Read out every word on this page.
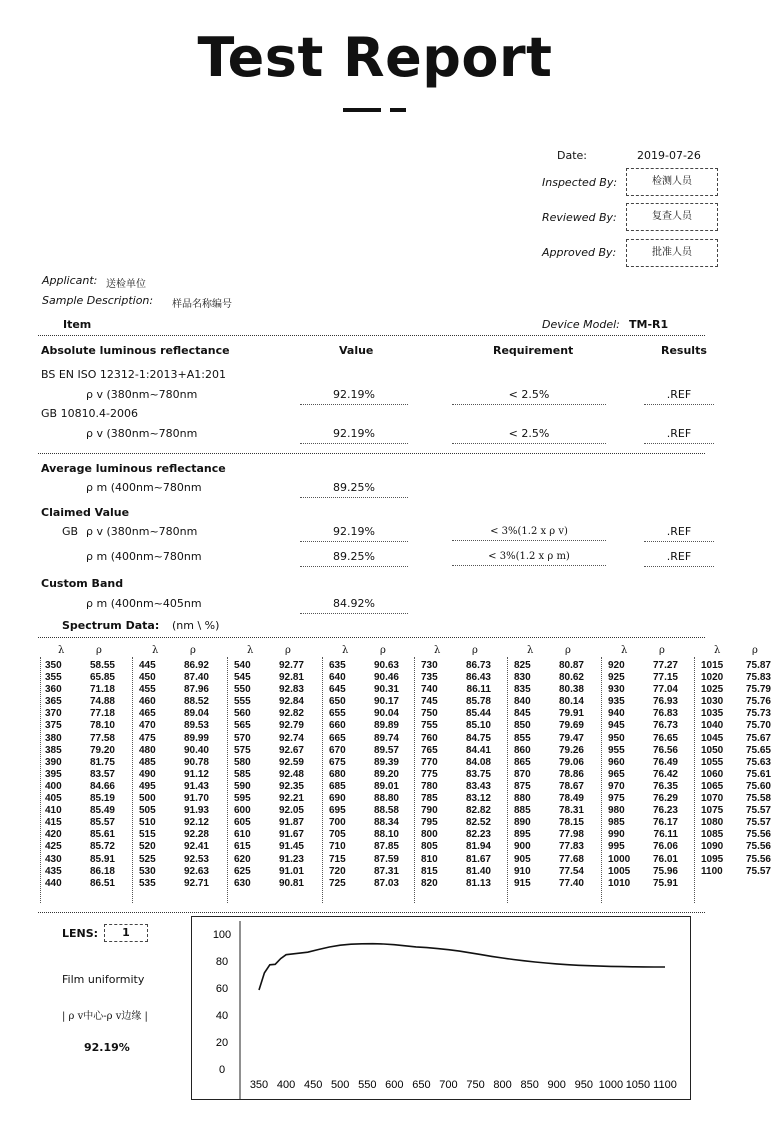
Test Report
Date:	2019-07-26
Inspected By:	检测人员
Reviewed By:	复查人员
Approved By:	批准人员
Applicant: 送检单位
Sample Description: 样品名称编号
Item	Device Model: TM-R1
Absolute luminous reflectance	Value	Requirement	Results
BS EN ISO 12312-1:2013+A1:201
ρ v (380nm~780nm	92.19%	< 2.5%	.REF
GB 10810.4-2006
ρ v (380nm~780nm	92.19%	< 2.5%	.REF
Average luminous reflectance
ρ m (400nm~780nm	89.25%
Claimed Value
GB ρ v (380nm~780nm	92.19%	< 3%(1.2 x ρ v)	.REF
ρ m (400nm~780nm	89.25%	< 3%(1.2 x ρ m)	.REF
Custom Band
ρ m (400nm~405nm	84.92%
Spectrum Data: (nm \ %)
λ	ρ
350	58.55
355	65.85
360	71.18
365	74.88
370	77.18
375	78.10
380	77.58
385	79.20
390	81.75
395	83.57
400	84.66
405	85.19
410	85.49
415	85.57
420	85.61
425	85.72
430	85.91
435	86.18
440	86.51
λ	ρ
445	86.92
450	87.40
455	87.96
460	88.52
465	89.04
470	89.53
475	89.99
480	90.40
485	90.78
490	91.12
495	91.43
500	91.70
505	91.93
510	92.12
515	92.28
520	92.41
525	92.53
530	92.63
535	92.71
λ	ρ
540	92.77
545	92.81
550	92.83
555	92.84
560	92.82
565	92.79
570	92.74
575	92.67
580	92.59
585	92.48
590	92.35
595	92.21
600	92.05
605	91.87
610	91.67
615	91.45
620	91.23
625	91.01
630	90.81
λ	ρ
635	90.63
640	90.46
645	90.31
650	90.17
655	90.04
660	89.89
665	89.74
670	89.57
675	89.39
680	89.20
685	89.01
690	88.80
695	88.58
700	88.34
705	88.10
710	87.85
715	87.59
720	87.31
725	87.03
λ	ρ
730	86.73
735	86.43
740	86.11
745	85.78
750	85.44
755	85.10
760	84.75
765	84.41
770	84.08
775	83.75
780	83.43
785	83.12
790	82.82
795	82.52
800	82.23
805	81.94
810	81.67
815	81.40
820	81.13
λ	ρ
825	80.87
830	80.62
835	80.38
840	80.14
845	79.91
850	79.69
855	79.47
860	79.26
865	79.06
870	78.86
875	78.67
880	78.49
885	78.31
890	78.15
895	77.98
900	77.83
905	77.68
910	77.54
915	77.40
λ	ρ
920	77.27
925	77.15
930	77.04
935	76.93
940	76.83
945	76.73
950	76.65
955	76.56
960	76.49
965	76.42
970	76.35
975	76.29
980	76.23
985	76.17
990	76.11
995	76.06
1000	76.01
1005	75.96
1010	75.91
λ	ρ
1015	75.87
1020	75.83
1025	75.79
1030	75.76
1035	75.73
1040	75.70
1045	75.67
1050	75.65
1055	75.63
1060	75.61
1065	75.60
1070	75.58
1075	75.57
1080	75.57
1085	75.56
1090	75.56
1095	75.56
1100	75.57
LENS:	1
Film uniformity
| ρ v中心-ρ v边缘 |
92.19%
0
20
40
60
80
100
350 400 450 500 550 600 650 700 750 800 850 900 950 1000 1050 1100
